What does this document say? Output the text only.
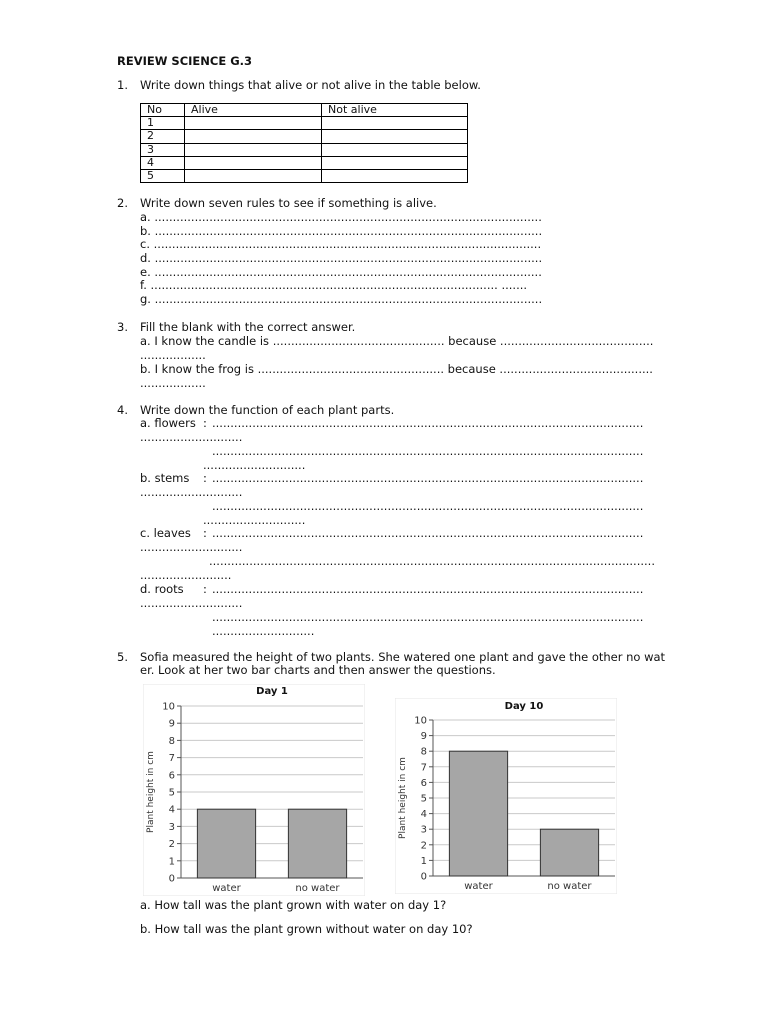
REVIEW SCIENCE G.3
1. Write down things that alive or not alive in the table below.
No	Alive	Not alive
1		
2		
3		
4		
5		
2. Write down seven rules to see if something is alive.
a. ..........................................................................................................
b. ..........................................................................................................
c. ..........................................................................................................
d. ..........................................................................................................
e. ..........................................................................................................
f. ............................................................................................... .......
g. ..........................................................................................................
3. Fill the blank with the correct answer.
a. I know the candle is ............................................... because ..........................................
..................
b. I know the frog is ................................................... because ..........................................
..................
4. Write down the function of each plant parts.
a. flowers : ......................................................................................................................
............................
......................................................................................................................
............................
b. stems : ......................................................................................................................
............................
......................................................................................................................
............................
c. leaves : ......................................................................................................................
............................
..........................................................................................................................
.........................
d. roots : ......................................................................................................................
............................
......................................................................................................................
............................
5. Sofia measured the height of two plants. She watered one plant and gave the other no wat
er. Look at her two bar charts and then answer the questions.
Day 1
0
1
2
3
4
5
6
7
8
9
10
Plant height in cm
water	no water
Day 10
0
1
2
3
4
5
6
7
8
9
10
Plant height in cm
water	no water
a. How tall was the plant grown with water on day 1?
b. How tall was the plant grown without water on day 10?
